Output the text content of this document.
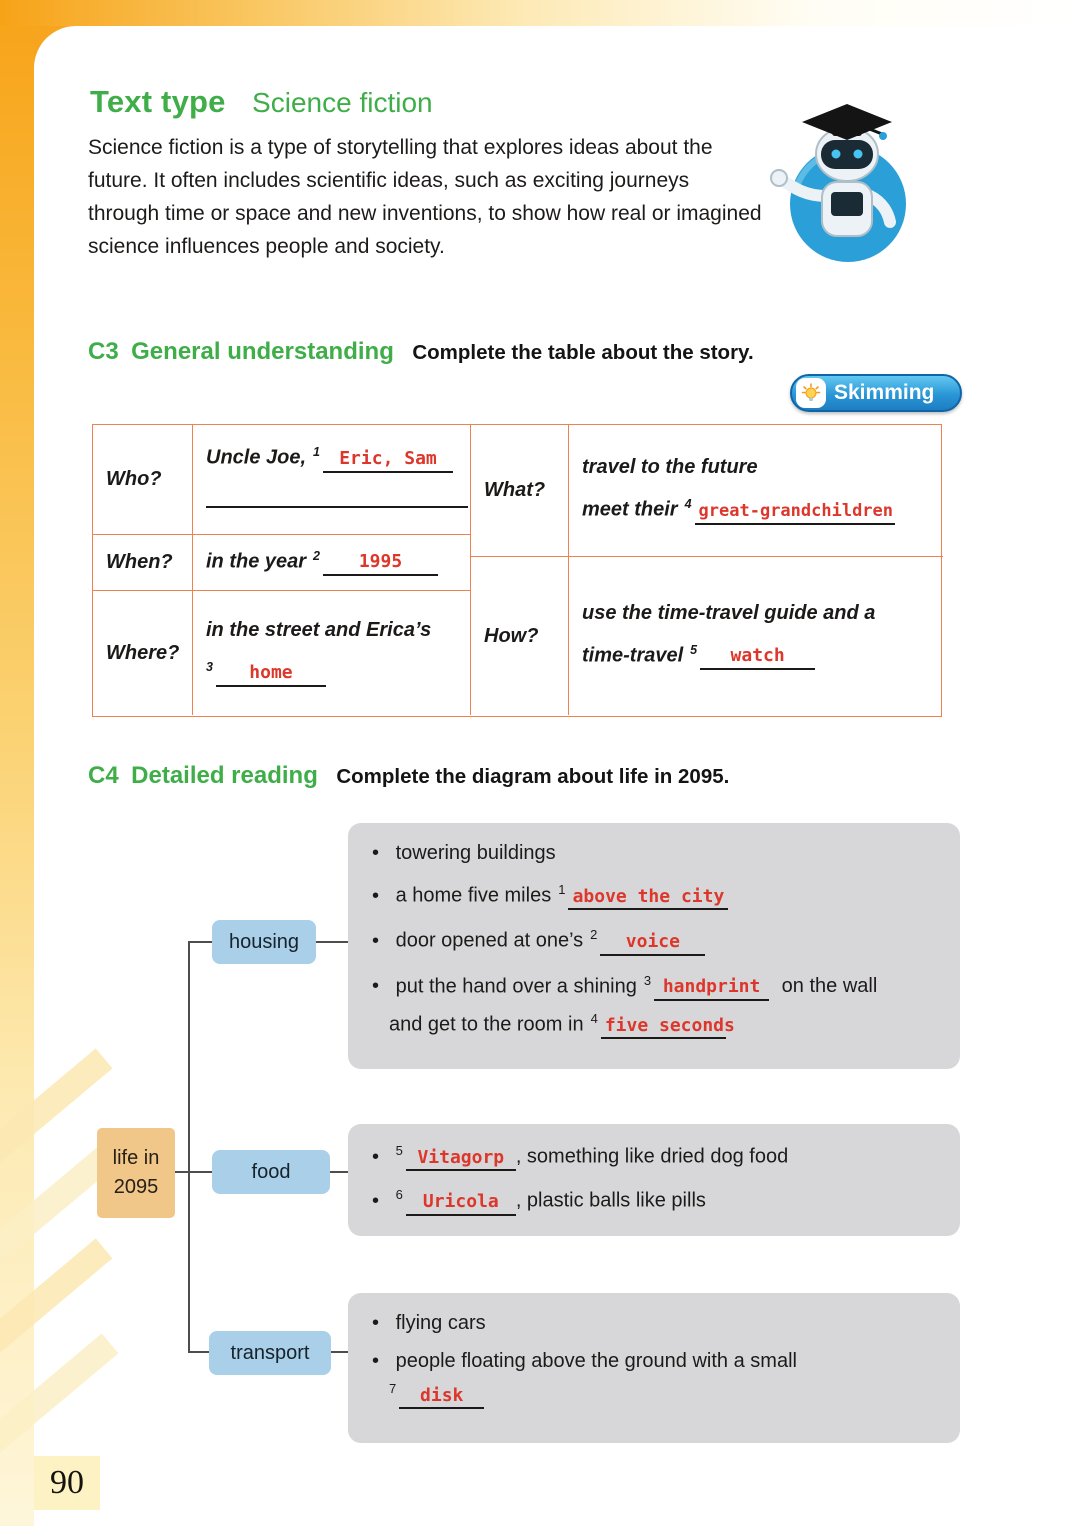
90
Text type Science fiction

Science fiction is a type of storytelling that explores ideas about the future. It often includes scientific ideas, such as exciting journeys through time or space and new inventions, to show how real or imagined science influences people and society.

C3 General understanding Complete the table about the story.
Skimming
Who?
Uncle Joe, $^1$ Eric, Sam
When?	in the year $^2$ 1995
Where?
in the street and Erica’s
$^3$ home
What?
travel to the future
meet their $^4$ great-grandchildren
How?
use the time-travel guide and a
time-travel $^5$ watch
C4 Detailed reading Complete the diagram about life in 2095.
life in
2095
housing
food
transport
• towering buildings
• a home five miles $^1$ above the city
• door opened at one’s $^2$ voice
• put the hand over a shining $^3$ handprint on the wall
and get to the room in $^4$ five seconds
• $^5$ Vitagorp , something like dried dog food
• $^6$ Uricola , plastic balls like pills
• flying cars
• people floating above the ground with a small
$^7$ disk
